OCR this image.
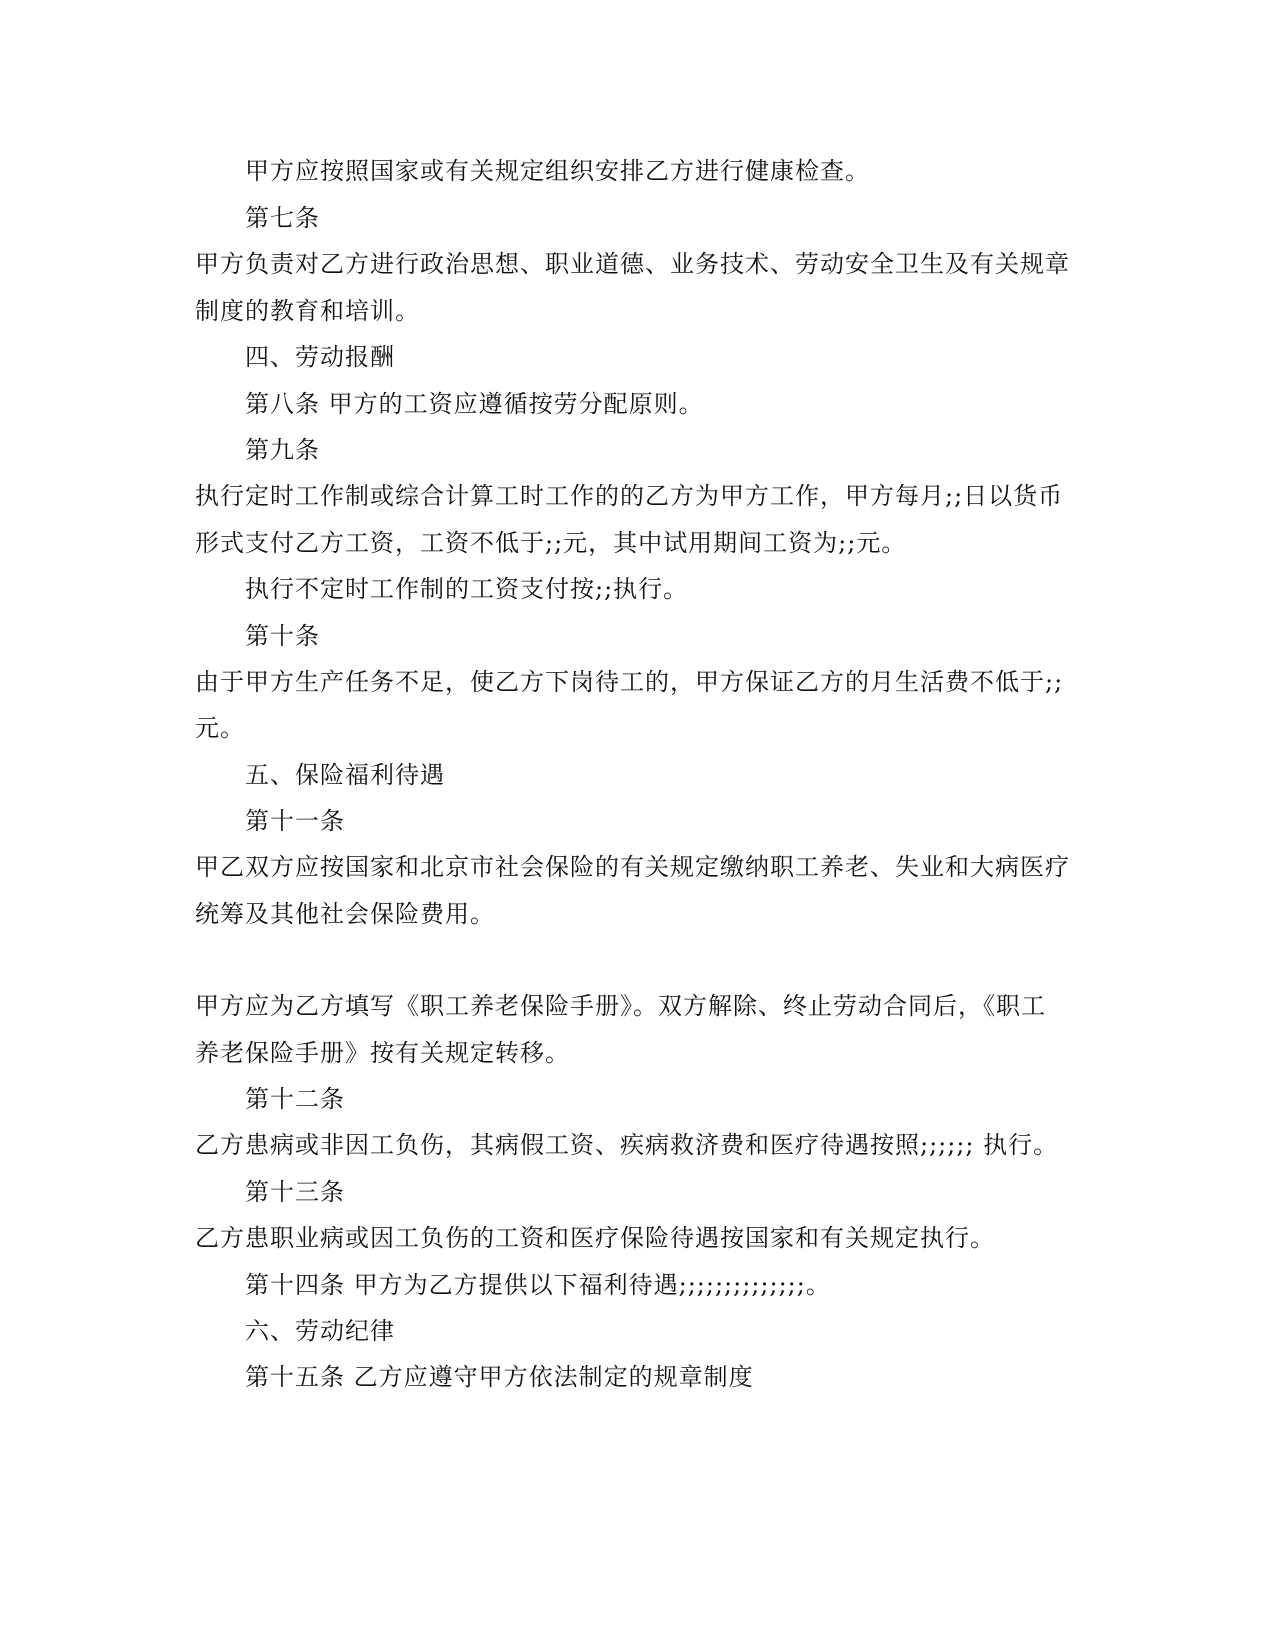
甲方应按照国家或有关规定组织安排乙方进行健康检查。
第七条
甲方负责对乙方进行政治思想、职业道德、业务技术、劳动安全卫生及有关规章
制度的教育和培训。
四、劳动报酬
第八条 甲方的工资应遵循按劳分配原则。
第九条
执行定时工作制或综合计算工时工作的的乙方为甲方工作，甲方每月;;日以货币
形式支付乙方工资，工资不低于;;元，其中试用期间工资为;;元。
执行不定时工作制的工资支付按;;执行。
第十条
由于甲方生产任务不足，使乙方下岗待工的，甲方保证乙方的月生活费不低于;;
元。
五、保险福利待遇
第十一条
甲乙双方应按国家和北京市社会保险的有关规定缴纳职工养老、失业和大病医疗
统筹及其他社会保险费用。
甲方应为乙方填写《职工养老保险手册》。双方解除、终止劳动合同后，《职工
养老保险手册》按有关规定转移。
第十二条
乙方患病或非因工负伤，其病假工资、疾病救济费和医疗待遇按照;;;;;; 执行。
第十三条
乙方患职业病或因工负伤的工资和医疗保险待遇按国家和有关规定执行。
第十四条 甲方为乙方提供以下福利待遇;;;;;;;;;;;;;;。
六、劳动纪律
第十五条 乙方应遵守甲方依法制定的规章制度
